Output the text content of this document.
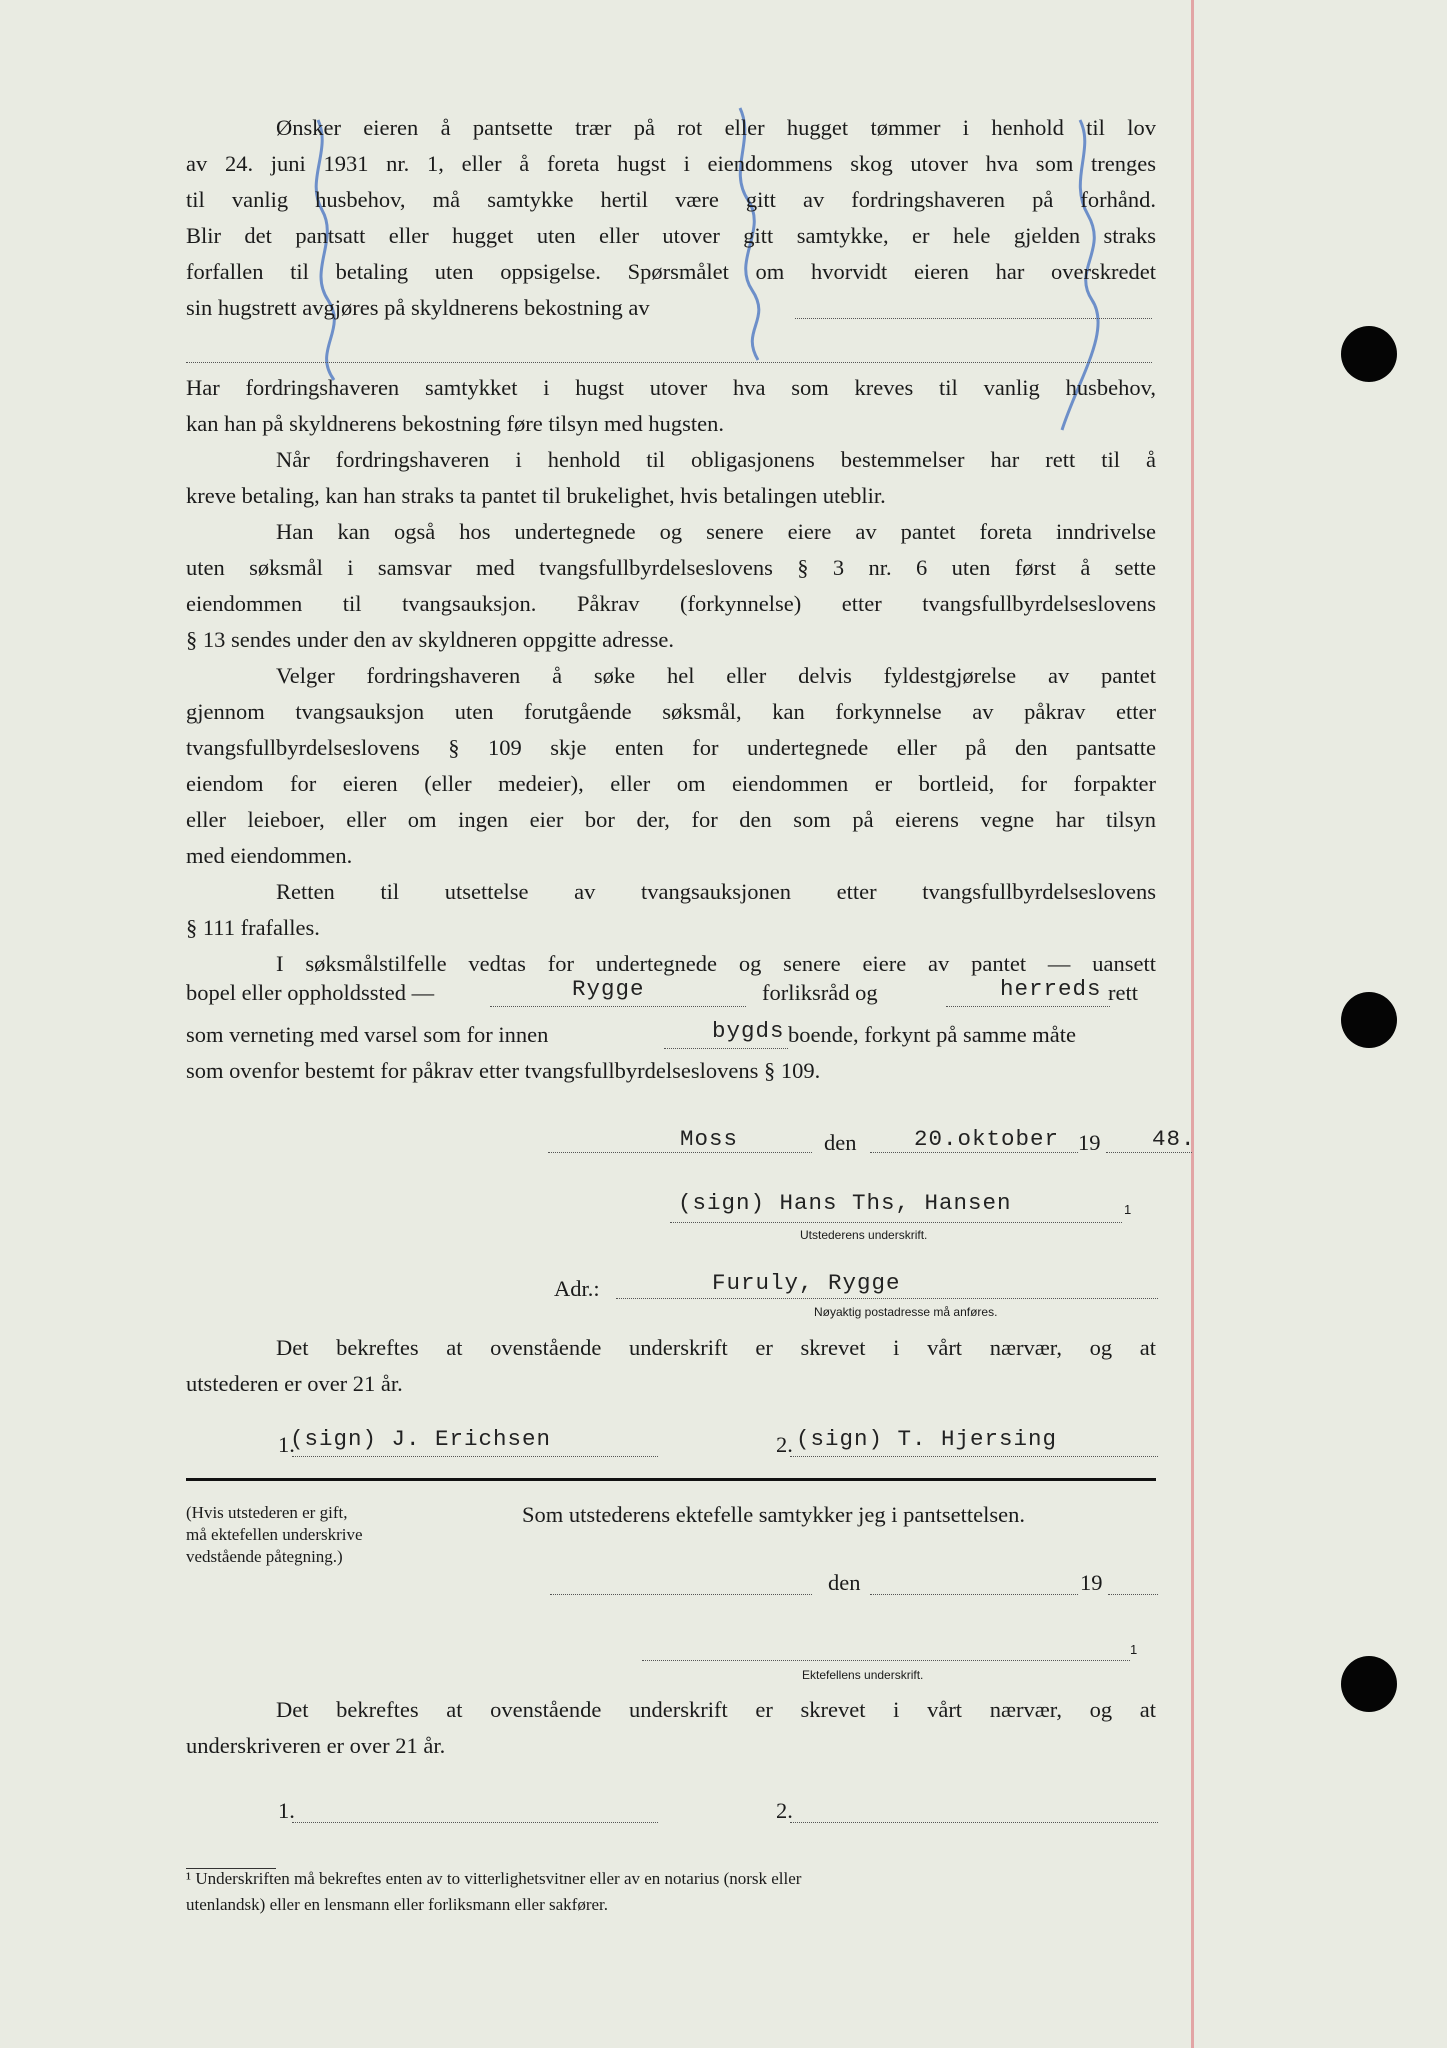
Ønsker eieren å pantsette trær på rot eller hugget tømmer i henhold til lov
av 24. juni 1931 nr. 1, eller å foreta hugst i eiendommens skog utover hva som trenges
til vanlig husbehov, må samtykke hertil være gitt av fordringshaveren på forhånd.
Blir det pantsatt eller hugget uten eller utover gitt samtykke, er hele gjelden straks
forfallen til betaling uten oppsigelse. Spørsmålet om hvorvidt eieren har overskredet
sin hugstrett avgjøres på skyldnerens bekostning av
Har fordringshaveren samtykket i hugst utover hva som kreves til vanlig husbehov,
kan han på skyldnerens bekostning føre tilsyn med hugsten.
Når fordringshaveren i henhold til obligasjonens bestemmelser har rett til å
kreve betaling, kan han straks ta pantet til brukelighet, hvis betalingen uteblir.
Han kan også hos undertegnede og senere eiere av pantet foreta inndrivelse
uten søksmål i samsvar med tvangsfullbyrdelseslovens § 3 nr. 6 uten først å sette
eiendommen til tvangsauksjon. Påkrav (forkynnelse) etter tvangsfullbyrdelseslovens
§ 13 sendes under den av skyldneren oppgitte adresse.
Velger fordringshaveren å søke hel eller delvis fyldestgjørelse av pantet
gjennom tvangsauksjon uten forutgående søksmål, kan forkynnelse av påkrav etter
tvangsfullbyrdelseslovens § 109 skje enten for undertegnede eller på den pantsatte
eiendom for eieren (eller medeier), eller om eiendommen er bortleid, for forpakter
eller leieboer, eller om ingen eier bor der, for den som på eierens vegne har tilsyn
med eiendommen.
Retten til utsettelse av tvangsauksjonen etter tvangsfullbyrdelseslovens
§ 111 frafalles.
I søksmålstilfelle vedtas for undertegnede og senere eiere av pantet — uansett
bopel eller oppholdssted —	Rygge	forliksråd og	herreds rett
som verneting med varsel som for innen	bygds boende, forkynt på samme måte
som ovenfor bestemt for påkrav etter tvangsfullbyrdelseslovens § 109.
Moss	den	20.oktober 19 48.
(sign) Hans Ths, Hansen	1
Utstederens underskrift.
Adr.:	Furuly, Rygge
Nøyaktig postadresse må anføres.
Det bekreftes at ovenstående underskrift er skrevet i vårt nærvær, og at
utstederen er over 21 år.
1.
(sign) J. Erichsen	2. (sign) T. Hjersing
(Hvis utstederen er gift,
må ektefellen underskrive
vedstående påtegning.)
Som utstederens ektefelle samtykker jeg i pantsettelsen.
den	19
1
Ektefellens underskrift.
Det bekreftes at ovenstående underskrift er skrevet i vårt nærvær, og at
underskriveren er over 21 år.
1.	2.
¹ Underskriften må bekreftes enten av to vitterlighetsvitner eller av en notarius (norsk eller
utenlandsk) eller en lensmann eller forliksmann eller sakfører.
